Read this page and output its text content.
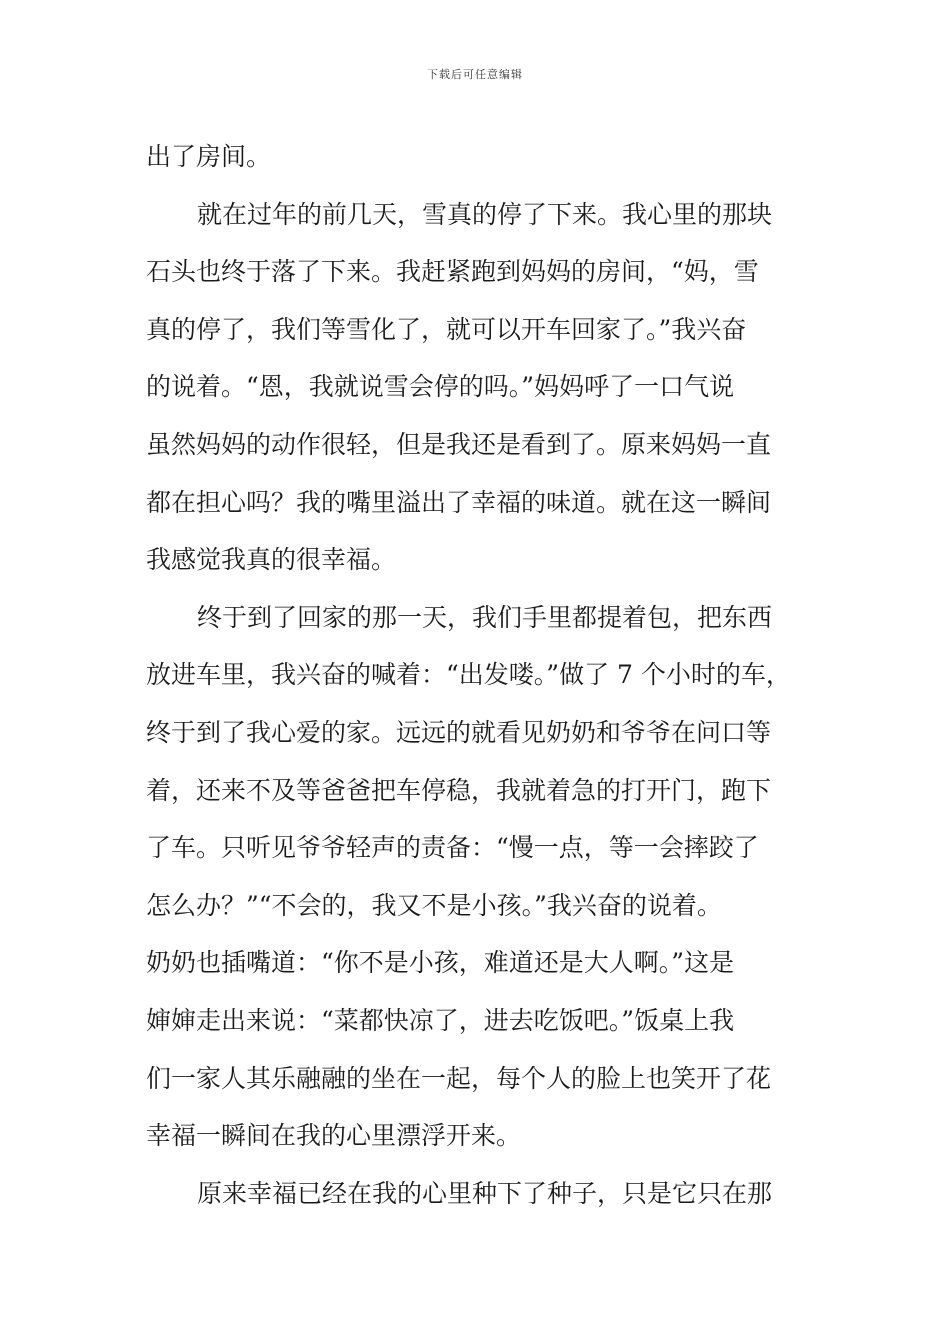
下载后可任意编辑
出了房间。
就在过年的前几天，雪真的停了下来。我心里的那块
石头也终于落了下来。我赶紧跑到妈妈的房间，“妈，雪
真的停了，我们等雪化了，就可以开车回家了。”我兴奋
的说着。“恩，我就说雪会停的吗。”妈妈呼了一口气说
虽然妈妈的动作很轻，但是我还是看到了。原来妈妈一直
都在担心吗？我的嘴里溢出了幸福的味道。就在这一瞬间
我感觉我真的很幸福。
终于到了回家的那一天，我们手里都提着包，把东西
放进车里，我兴奋的喊着：“出发喽。”做了 7 个小时的车，
终于到了我心爱的家。远远的就看见奶奶和爷爷在问口等
着，还来不及等爸爸把车停稳，我就着急的打开门，跑下
了车。只听见爷爷轻声的责备：“慢一点，等一会摔跤了
怎么办？”“不会的，我又不是小孩。”我兴奋的说着。
奶奶也插嘴道：“你不是小孩，难道还是大人啊。”这是
婶婶走出来说：“菜都快凉了，进去吃饭吧。”饭桌上我
们一家人其乐融融的坐在一起，每个人的脸上也笑开了花
幸福一瞬间在我的心里漂浮开来。
原来幸福已经在我的心里种下了种子，只是它只在那
